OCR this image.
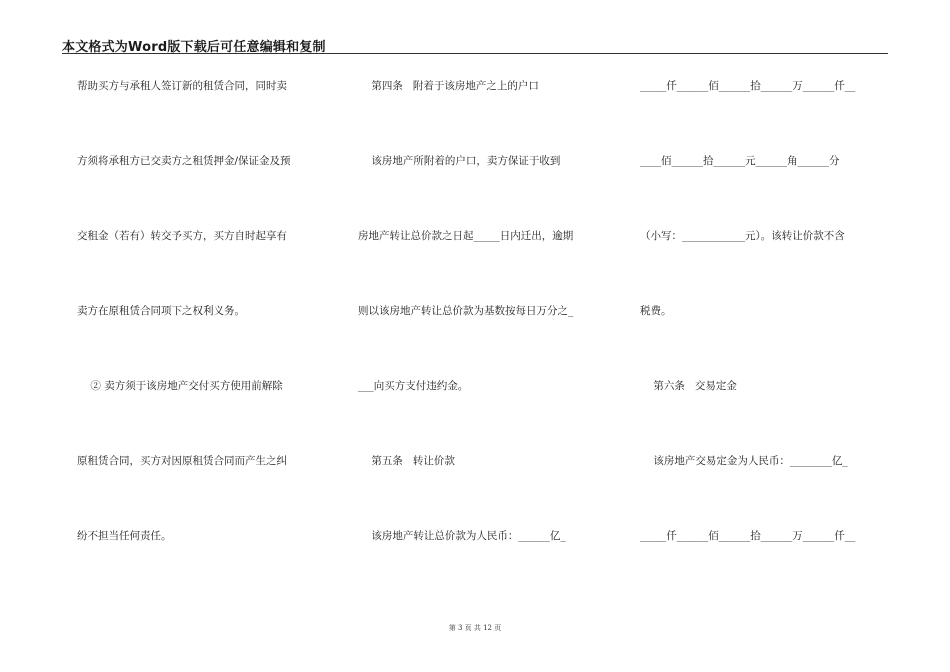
本文格式为Word版下载后可任意编辑和复制
帮助买方与承租人签订新的租赁合同，同时卖
方须将承租方已交卖方之租赁押金/保证金及预
交租金（若有）转交予买方，买方自时起享有
卖方在原租赁合同项下之权利义务。
② 卖方须于该房地产交付买方使用前解除
原租赁合同，买方对因原租赁合同而产生之纠
纷不担当任何责任。
第四条   附着于该房地产之上的户口
该房地产所附着的户口，卖方保证于收到
房地产转让总价款之日起_____日内迁出，逾期
则以该房地产转让总价款为基数按每日万分之_
___向买方支付违约金。
第五条   转让价款
该房地产转让总价款为人民币：______亿_
_____仟______佰______拾______万______仟__
____佰______拾______元______角______分
（小写：____________元）。该转让价款不含
税费。
第六条   交易定金
该房地产交易定金为人民币：________亿_
_____仟______佰______拾______万______仟__
第 3 页 共 12 页
